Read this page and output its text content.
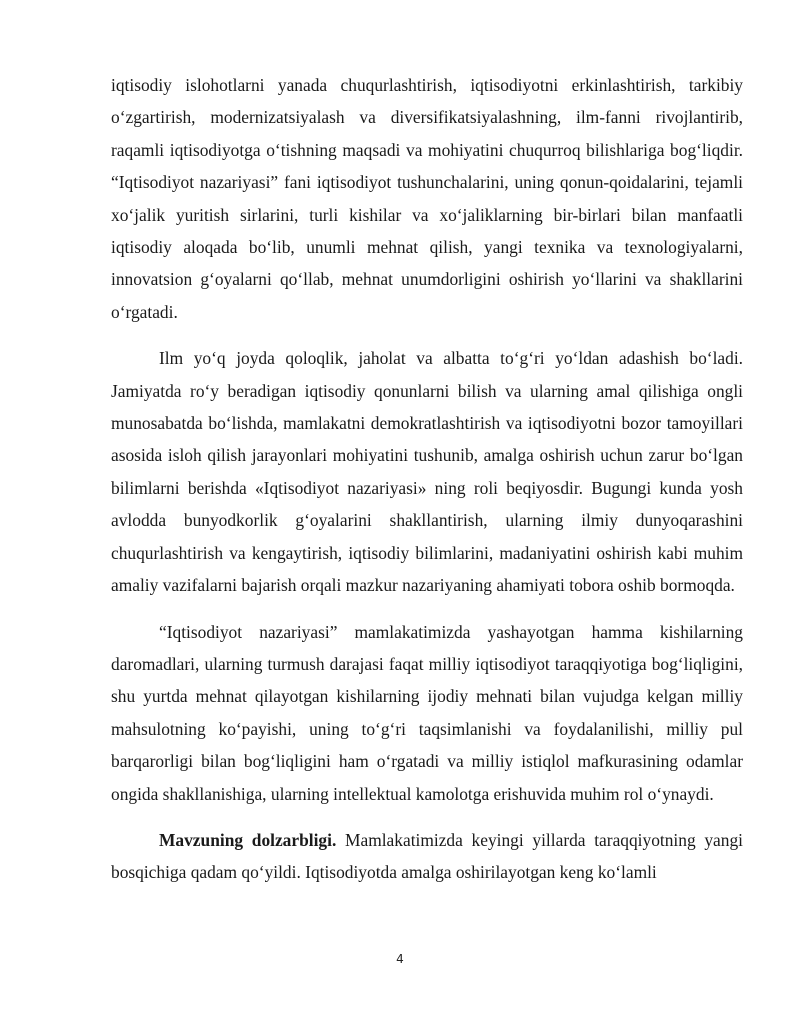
iqtisodiy islohotlarni yanada chuqurlashtirish, iqtisodiyotni erkinlashtirish, tarkibiy o‘zgartirish, modernizatsiyalash va diversifikatsiyalashning, ilm-fanni rivojlantirib, raqamli iqtisodiyotga o‘tishning maqsadi va mohiyatini chuqurroq bilishlariga bog‘liqdir. “Iqtisodiyot nazariyasi” fani iqtisodiyot tushunchalarini, uning qonun-qoidalarini, tejamli xo‘jalik yuritish sirlarini, turli kishilar va xo‘jaliklarning bir-birlari bilan manfaatli iqtisodiy aloqada bo‘lib, unumli mehnat qilish, yangi texnika va texnologiyalarni, innovatsion g‘oyalarni qo‘llab, mehnat unumdorligini oshirish yo‘llarini va shakllarini o‘rgatadi.

Ilm yo‘q joyda qoloqlik, jaholat va albatta to‘g‘ri yo‘ldan adashish bo‘ladi. Jamiyatda ro‘y beradigan iqtisodiy qonunlarni bilish va ularning amal qilishiga ongli munosabatda bo‘lishda, mamlakatni demokratlashtirish va iqtisodiyotni bozor tamoyillari asosida isloh qilish jarayonlari mohiyatini tushunib, amalga oshirish uchun zarur bo‘lgan bilimlarni berishda «Iqtisodiyot nazariyasi» ning roli beqiyosdir. Bugungi kunda yosh avlodda bunyodkorlik g‘oyalarini shakllantirish, ularning ilmiy dunyoqarashini chuqurlashtirish va kengaytirish, iqtisodiy bilimlarini, madaniyatini oshirish kabi muhim amaliy vazifalarni bajarish orqali mazkur nazariyaning ahamiyati tobora oshib bormoqda.

“Iqtisodiyot nazariyasi” mamlakatimizda yashayotgan hamma kishilarning daromadlari, ularning turmush darajasi faqat milliy iqtisodiyot taraqqiyotiga bog‘liqligini, shu yurtda mehnat qilayotgan kishilarning ijodiy mehnati bilan vujudga kelgan milliy mahsulotning ko‘payishi, uning to‘g‘ri taqsimlanishi va foydalanilishi, milliy pul barqarorligi bilan bog‘liqligini ham o‘rgatadi va milliy istiqlol mafkurasining odamlar ongida shakllanishiga, ularning intellektual kamolotga erishuvida muhim rol o‘ynaydi.

Mavzuning dolzarbligi. Mamlakatimizda keyingi yillarda taraqqiyotning yangi bosqichiga qadam qo‘yildi. Iqtisodiyotda amalga oshirilayotgan keng ko‘lamli

4
